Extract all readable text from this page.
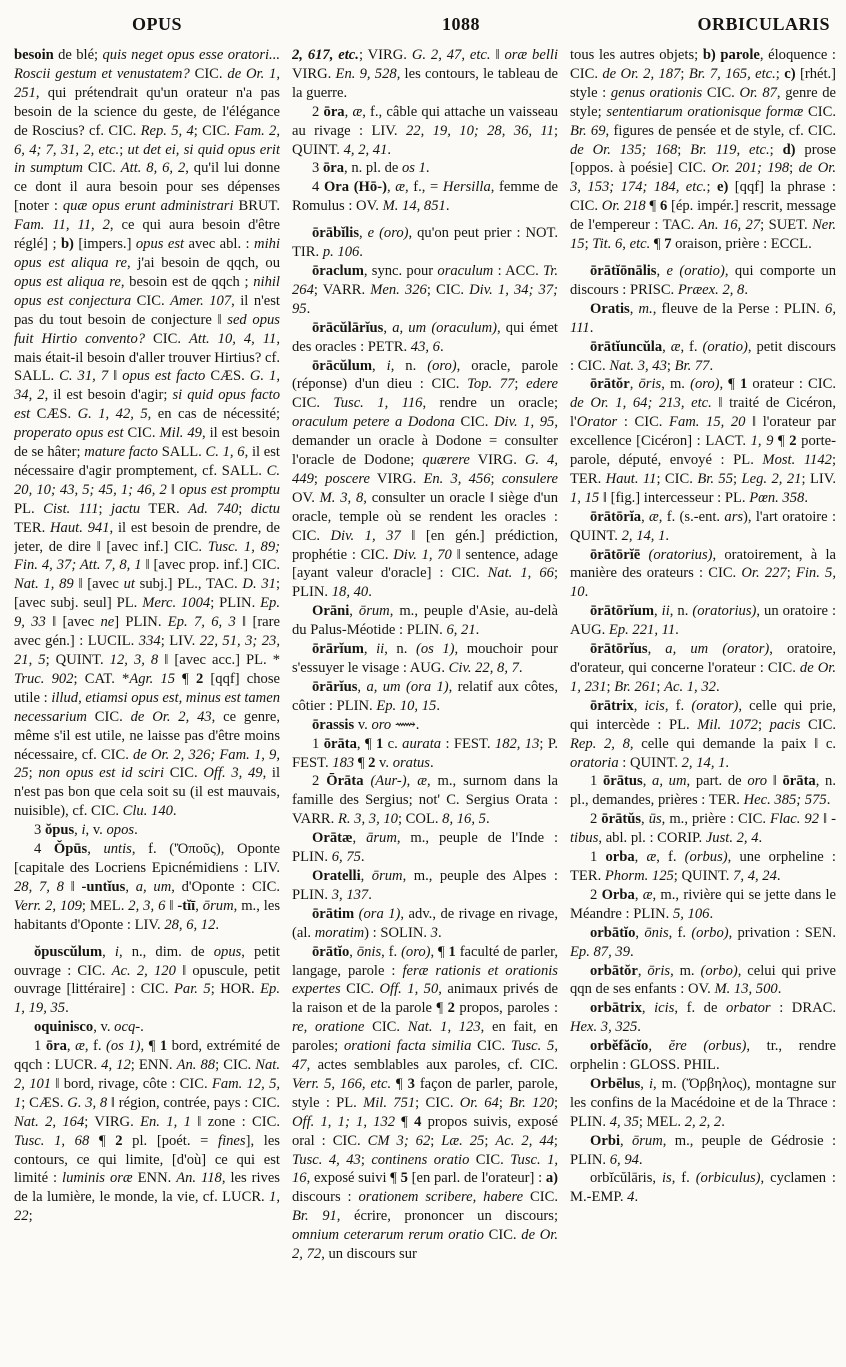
OPUS	1088	ORBICULARIS

besoin de blé; quis neget opus esse oratori... Roscii gestum et venustatem? CIC. de Or. 1, 251, qui prétendrait qu'un orateur n'a pas besoin de la science du geste, de l'élégance de Roscius? cf. CIC. Rep. 5, 4; CIC. Fam. 2, 6, 4; 7, 31, 2, etc.; ut det ei, si quid opus erit in sumptum CIC. Att. 8, 6, 2, qu'il lui donne ce dont il aura besoin pour ses dépenses [noter : quæ opus erunt administrari BRUT. Fam. 11, 11, 2, ce qui aura besoin d'être réglé] ; b) [impers.] opus est avec abl. : mihi opus est aliqua re, j'ai besoin de qqch, ou opus est aliqua re, besoin est de qqch ; nihil opus est conjectura CIC. Amer. 107, il n'est pas du tout besoin de conjecture ‖ sed opus fuit Hirtio convento? CIC. Att. 10, 4, 11, mais était-il besoin d'aller trouver Hirtius? cf. SALL. C. 31, 7 ‖ opus est facto CÆS. G. 1, 34, 2, il est besoin d'agir; si quid opus facto est CÆS. G. 1, 42, 5, en cas de nécessité; properato opus est CIC. Mil. 49, il est besoin de se hâter; mature facto SALL. C. 1, 6, il est nécessaire d'agir promptement, cf. SALL. C. 20, 10; 43, 5; 45, 1; 46, 2 ‖ opus est promptu PL. Cist. 111; jactu TER. Ad. 740; dictu TER. Haut. 941, il est besoin de prendre, de jeter, de dire ‖ [avec inf.] CIC. Tusc. 1, 89; Fin. 4, 37; Att. 7, 8, 1 ‖ [avec prop. inf.] CIC. Nat. 1, 89 ‖ [avec ut subj.] PL., TAC. D. 31; [avec subj. seul] PL. Merc. 1004; PLIN. Ep. 9, 33 ‖ [avec ne] PLIN. Ep. 7, 6, 3 ‖ [rare avec gén.] : LUCIL. 334; LIV. 22, 51, 3; 23, 21, 5; QUINT. 12, 3, 8 ‖ [avec acc.] PL. * Truc. 902; CAT. *Agr. 15 ¶ 2 [qqf] chose utile : illud, etiamsi opus est, minus est tamen necessarium CIC. de Or. 2, 43, ce genre, même s'il est utile, ne laisse pas d'être moins nécessaire, cf. CIC. de Or. 2, 326; Fam. 1, 9, 25; non opus est id sciri CIC. Off. 3, 49, il n'est pas bon que cela soit su (il est mauvais, nuisible), cf. CIC. Clu. 140.

3 ŏpus, i, v. opos.

4 Ŏpūs, untis, f. ('Ὀποῦς), Oponte [capitale des Locriens Epicnémidiens : LIV. 28, 7, 8 ‖ -untĭus, a, um, d'Oponte : CIC. Verr. 2, 109; MEL. 2, 3, 6 ‖ -tĭī, ōrum, m., les habitants d'Oponte : LIV. 28, 6, 12.

ŏpuscŭlum, i, n., dim. de opus, petit ouvrage : CIC. Ac. 2, 120 ‖ opuscule, petit ouvrage [littéraire] : CIC. Par. 5; HOR. Ep. 1, 19, 35.

oquinisco, v. ocq-.

1 ōra, æ, f. (os 1), ¶ 1 bord, extrémité de qqch : LUCR. 4, 12; ENN. An. 88; CIC. Nat. 2, 101 ‖ bord, rivage, côte : CIC. Fam. 12, 5, 1; CÆS. G. 3, 8 ‖ région, contrée, pays : CIC. Nat. 2, 164; VIRG. En. 1, 1 ‖ zone : CIC. Tusc. 1, 68 ¶ 2 pl. [poét. = fines], les contours, ce qui limite, [d'où] ce qui est limité : luminis oræ ENN. An. 118, les rives de la lumière, le monde, la vie, cf. LUCR. 1, 22;

2, 617, etc.; VIRG. G. 2, 47, etc. ‖ oræ belli VIRG. En. 9, 528, les contours, le tableau de la guerre.

2 ōra, æ, f., câble qui attache un vaisseau au rivage : LIV. 22, 19, 10; 28, 36, 11; QUINT. 4, 2, 41.

3 ōra, n. pl. de os 1.

4 Ora (Hō-), æ, f., = Hersilla, femme de Romulus : OV. M. 14, 851.

ōrābĭlis, e (oro), qu'on peut prier : NOT. TIR. p. 106.

ōraclum, sync. pour oraculum : ACC. Tr. 264; VARR. Men. 326; CIC. Div. 1, 34; 37; 95.

ōrācŭlārĭus, a, um (oraculum), qui émet des oracles : PETR. 43, 6.

ōrācŭlum, i, n. (oro), oracle, parole (réponse) d'un dieu : CIC. Top. 77; edere CIC. Tusc. 1, 116, rendre un oracle; oraculum petere a Dodona CIC. Div. 1, 95, demander un oracle à Dodone = consulter l'oracle de Dodone; quærere VIRG. G. 4, 449; poscere VIRG. En. 3, 456; consulere OV. M. 3, 8, consulter un oracle ‖ siège d'un oracle, temple où se rendent les oracles : CIC. Div. 1, 37 ‖ [en gén.] prédiction, prophétie : CIC. Div. 1, 70 ‖ sentence, adage [ayant valeur d'oracle] : CIC. Nat. 1, 66; PLIN. 18, 40.

Orāni, ōrum, m., peuple d'Asie, au-delà du Palus-Méotide : PLIN. 6, 21.

ōrārĭum, ii, n. (os 1), mouchoir pour s'essuyer le visage : AUG. Civ. 22, 8, 7.

ōrārĭus, a, um (ora 1), relatif aux côtes, côtier : PLIN. Ep. 10, 15.

ōrassis v. oro ⟿.

1 ōrāta, ¶ 1 c. aurata : FEST. 182, 13; P. FEST. 183 ¶ 2 v. oratus.

2 Ōrāta (Aur-), æ, m., surnom dans la famille des Sergius; not' C. Sergius Orata : VARR. R. 3, 3, 10; COL. 8, 16, 5.

Orātæ, ārum, m., peuple de l'Inde : PLIN. 6, 75.

Oratelli, ōrum, m., peuple des Alpes : PLIN. 3, 137.

ōrātim (ora 1), adv., de rivage en rivage, (al. moratim) : SOLIN. 3.

ōrātĭo, ōnis, f. (oro), ¶ 1 faculté de parler, langage, parole : feræ rationis et orationis expertes CIC. Off. 1, 50, animaux privés de la raison et de la parole ¶ 2 propos, paroles : re, oratione CIC. Nat. 1, 123, en fait, en paroles; orationi facta similia CIC. Tusc. 5, 47, actes semblables aux paroles, cf. CIC. Verr. 5, 166, etc. ¶ 3 façon de parler, parole, style : PL. Mil. 751; CIC. Or. 64; Br. 120; Off. 1, 1; 1, 132 ¶ 4 propos suivis, exposé oral : CIC. CM 3; 62; Læ. 25; Ac. 2, 44; Tusc. 4, 43; continens oratio CIC. Tusc. 1, 16, exposé suivi ¶ 5 [en parl. de l'orateur] : a) discours : orationem scribere, habere CIC. Br. 91, écrire, prononcer un discours; omnium ceterarum rerum oratio CIC. de Or. 2, 72, un discours sur

tous les autres objets; b) parole, éloquence : CIC. de Or. 2, 187; Br. 7, 165, etc.; c) [rhét.] style : genus orationis CIC. Or. 87, genre de style; sententiarum orationisque formæ CIC. Br. 69, figures de pensée et de style, cf. CIC. de Or. 135; 168; Br. 119, etc.; d) prose [oppos. à poésie] CIC. Or. 201; 198; de Or. 3, 153; 174; 184, etc.; e) [qqf] la phrase : CIC. Or. 218 ¶ 6 [ép. impér.] rescrit, message de l'empereur : TAC. An. 16, 27; SUET. Ner. 15; Tit. 6, etc. ¶ 7 oraison, prière : ECCL.

ōrātĭōnālis, e (oratio), qui comporte un discours : PRISC. Præex. 2, 8.

Oratis, m., fleuve de la Perse : PLIN. 6, 111.

ōrātĭuncŭla, æ, f. (oratio), petit discours : CIC. Nat. 3, 43; Br. 77.

ōrātŏr, ōris, m. (oro), ¶ 1 orateur : CIC. de Or. 1, 64; 213, etc. ‖ traité de Cicéron, l'Orator : CIC. Fam. 15, 20 ‖ l'orateur par excellence [Cicéron] : LACT. 1, 9 ¶ 2 porte-parole, député, envoyé : PL. Most. 1142; TER. Haut. 11; CIC. Br. 55; Leg. 2, 21; LIV. 1, 15 ‖ [fig.] intercesseur : PL. Pœn. 358.

ōrātōrĭa, æ, f. (s.-ent. ars), l'art oratoire : QUINT. 2, 14, 1.

ōrātōrĭē (oratorius), oratoirement, à la manière des orateurs : CIC. Or. 227; Fin. 5, 10.

ōrātōrĭum, ii, n. (oratorius), un oratoire : AUG. Ep. 221, 11.

ōrātōrĭus, a, um (orator), oratoire, d'orateur, qui concerne l'orateur : CIC. de Or. 1, 231; Br. 261; Ac. 1, 32.

ōrātrix, icis, f. (orator), celle qui prie, qui intercède : PL. Mil. 1072; pacis CIC. Rep. 2, 8, celle qui demande la paix ‖ c. oratoria : QUINT. 2, 14, 1.

1 ōrātus, a, um, part. de oro ‖ ōrāta, n. pl., demandes, prières : TER. Hec. 385; 575.

2 ōrātŭs, ūs, m., prière : CIC. Flac. 92 ‖ -tibus, abl. pl. : CORIP. Just. 2, 4.

1 orba, æ, f. (orbus), une orpheline : TER. Phorm. 125; QUINT. 7, 4, 24.

2 Orba, æ, m., rivière qui se jette dans le Méandre : PLIN. 5, 106.

orbātĭo, ōnis, f. (orbo), privation : SEN. Ep. 87, 39.

orbātŏr, ōris, m. (orbo), celui qui prive qqn de ses enfants : OV. M. 13, 500.

orbātrix, icis, f. de orbator : DRAC. Hex. 3, 325.

orbĕfăcĭo, ĕre (orbus), tr., rendre orphelin : GLOSS. PHIL.

Orbēlus, i, m. (Ὄρβηλος), montagne sur les confins de la Macédoine et de la Thrace : PLIN. 4, 35; MEL. 2, 2, 2.

Orbi, ōrum, m., peuple de Gédrosie : PLIN. 6, 94.

orbĭcŭlāris, is, f. (orbiculus), cyclamen : M.-EMP. 4.
